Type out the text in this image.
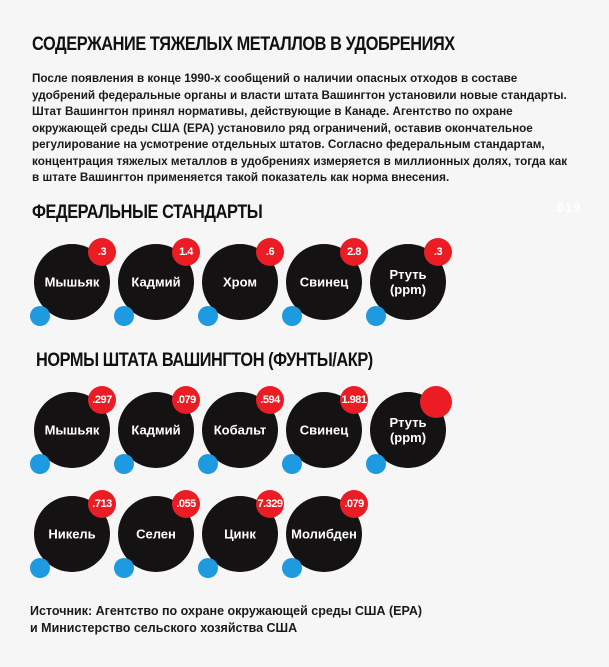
СОДЕРЖАНИЕ ТЯЖЕЛЫХ МЕТАЛЛОВ В УДОБРЕНИЯХ
После появления в конце 1990-х сообщений о наличии опасных отходов в составе удобрений федеральные органы и власти штата Вашингтон установили новые стандарты. Штат Вашингтон принял нормативы, действующие в Канаде. Агентство по охране окружающей среды США (EPA) установило ряд ограничений, оставив окончательное регулирование на усмотрение отдельных штатов. Согласно федеральным стандартам, концентрация тяжелых металлов в удобрениях измеряется в миллионных долях, тогда как в штате Вашингтон применяется такой показатель как норма внесения.
ФЕДЕРАЛЬНЫЕ СТАНДАРТЫ	.019
Мышьяк
.3
Кадмий
1.4
Хром
.6
Свинец
2.8
Ртуть
(ppm)
.3
НОРМЫ ШТАТА ВАШИНГТОН (ФУНТЫ/АКР)
Мышьяк
.297
Кадмий
.079
Кобальт
.594
Свинец
1.981
Ртуть
(ppm)
Никель
.713
Селен
.055
Цинк
7.329
Молибден
.079
Источник: Агентство по охране окружающей среды США (EPA)
и Министерство сельского хозяйства США
